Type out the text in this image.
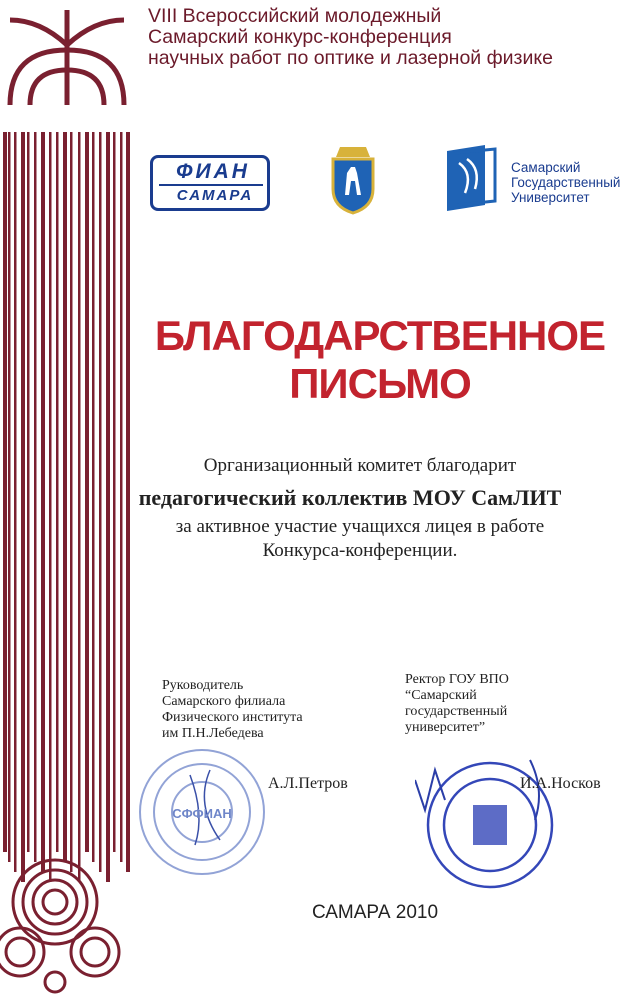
VIII Всероссийский молодежный
Самарский конкурс-конференция
научных работ по оптике и лазерной физике
ФИАН
САМАРА
Самарский
Государственный
Университет
БЛАГОДАРСТВЕННОЕ
ПИСЬМО
Организационный комитет благодарит
педагогический коллектив МОУ СамЛИТ
за активное участие учащихся лицея в работе
Конкурса-конференции.
Руководитель
Самарского филиала
Физического института
им П.Н.Лебедева
СФФИАН
А.Л.Петров
Ректор ГОУ ВПО
“Самарский
государственный
университет”
И.А.Носков
САМАРА 2010
